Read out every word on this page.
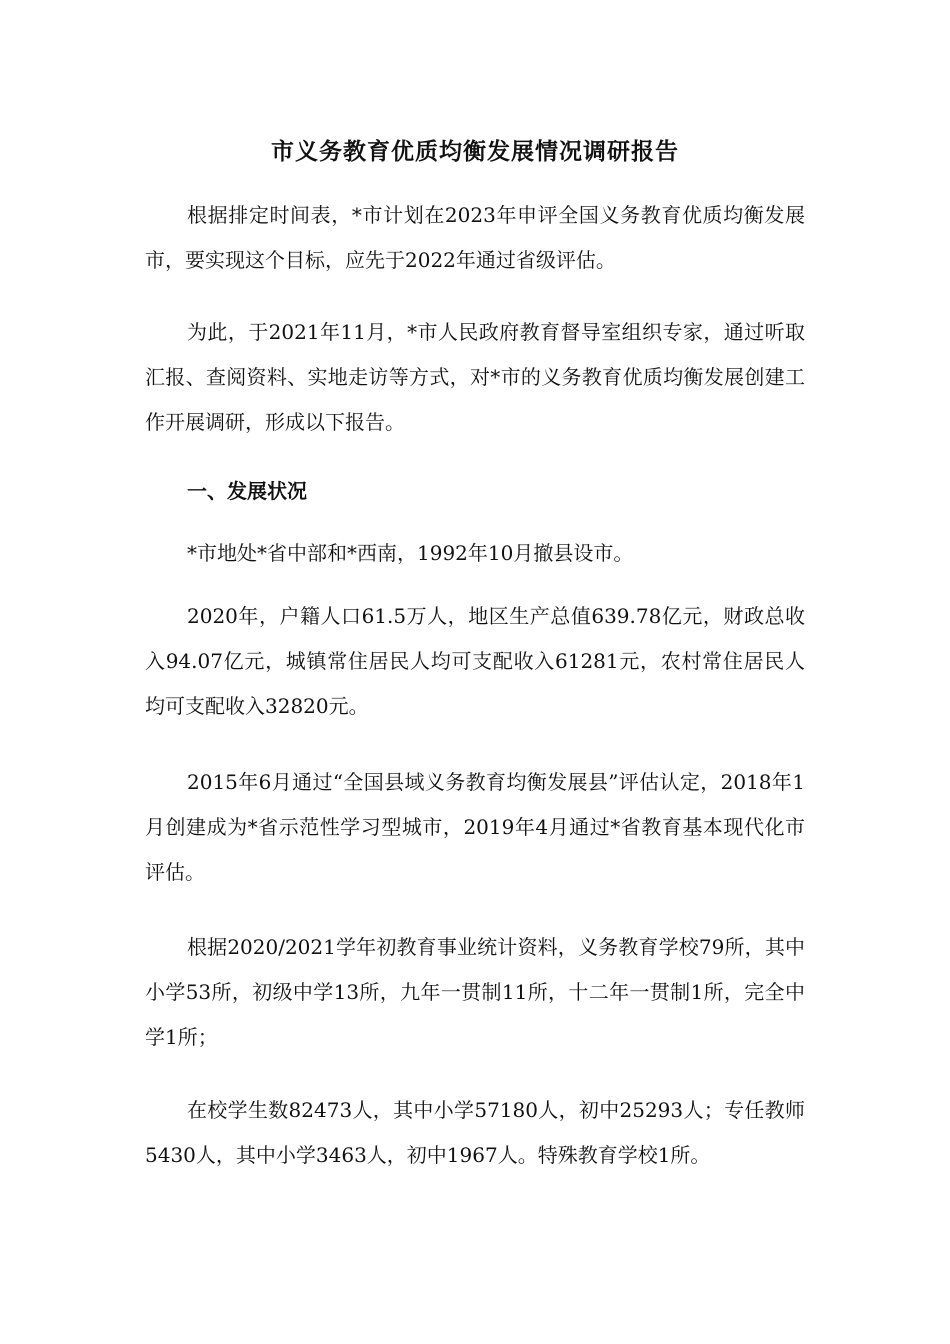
市义务教育优质均衡发展情况调研报告

根据排定时间表，*市计划在2023年申评全国义务教育优质均衡发展市，要实现这个目标，应先于2022年通过省级评估。

为此，于2021年11月，*市人民政府教育督导室组织专家，通过听取汇报、查阅资料、实地走访等方式，对*市的义务教育优质均衡发展创建工作开展调研，形成以下报告。

一、发展状况

*市地处*省中部和*西南，1992年10月撤县设市。

2020年，户籍人口61.5万人，地区生产总值639.78亿元，财政总收入94.07亿元，城镇常住居民人均可支配收入61281元，农村常住居民人均可支配收入32820元。

2015年6月通过“全国县域义务教育均衡发展县”评估认定，2018年1月创建成为*省示范性学习型城市，2019年4月通过*省教育基本现代化市评估。

根据2020/2021学年初教育事业统计资料，义务教育学校79所，其中小学53所，初级中学13所，九年一贯制11所，十二年一贯制1所，完全中学1所；

在校学生数82473人，其中小学57180人，初中25293人；专任教师5430人，其中小学3463人，初中1967人。特殊教育学校1所。
